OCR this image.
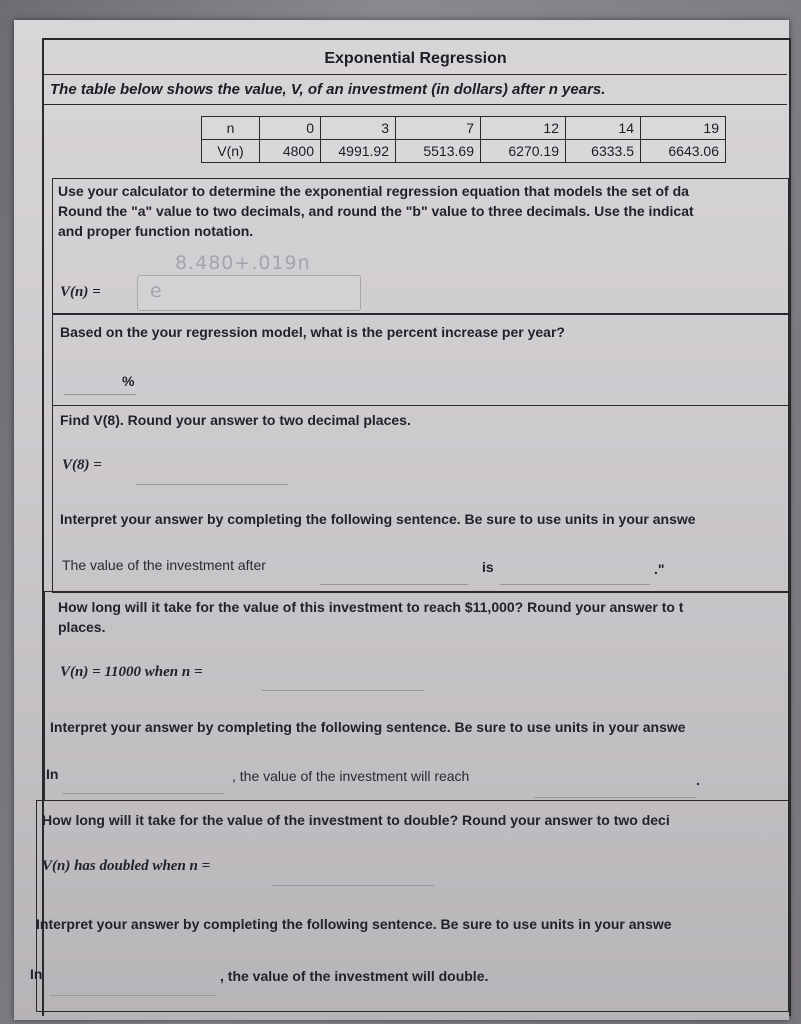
Exponential Regression
The table below shows the value, V, of an investment (in dollars) after n years.
n	0	3	7	12	14	19
V(n)	4800	4991.92	5513.69	6270.19	6333.5	6643.06
Use your calculator to determine the exponential regression equation that models the set of da
Round the "a" value to two decimals, and round the "b" value to three decimals. Use the indicat
and proper function notation.
V(n) =
8.480+.019n
e
Based on the your regression model, what is the percent increase per year?
%
Find V(8). Round your answer to two decimal places.
V(8) =
Interpret your answer by completing the following sentence. Be sure to use units in your answe
The value of the investment after	is	."
How long will it take for the value of this investment to reach $11,000? Round your answer to t
places.
V(n) = 11000 when n =
Interpret your answer by completing the following sentence. Be sure to use units in your answe
In	, the value of the investment will reach	.
How long will it take for the value of the investment to double? Round your answer to two deci
V(n) has doubled when n =
Interpret your answer by completing the following sentence. Be sure to use units in your answe
In	, the value of the investment will double.
